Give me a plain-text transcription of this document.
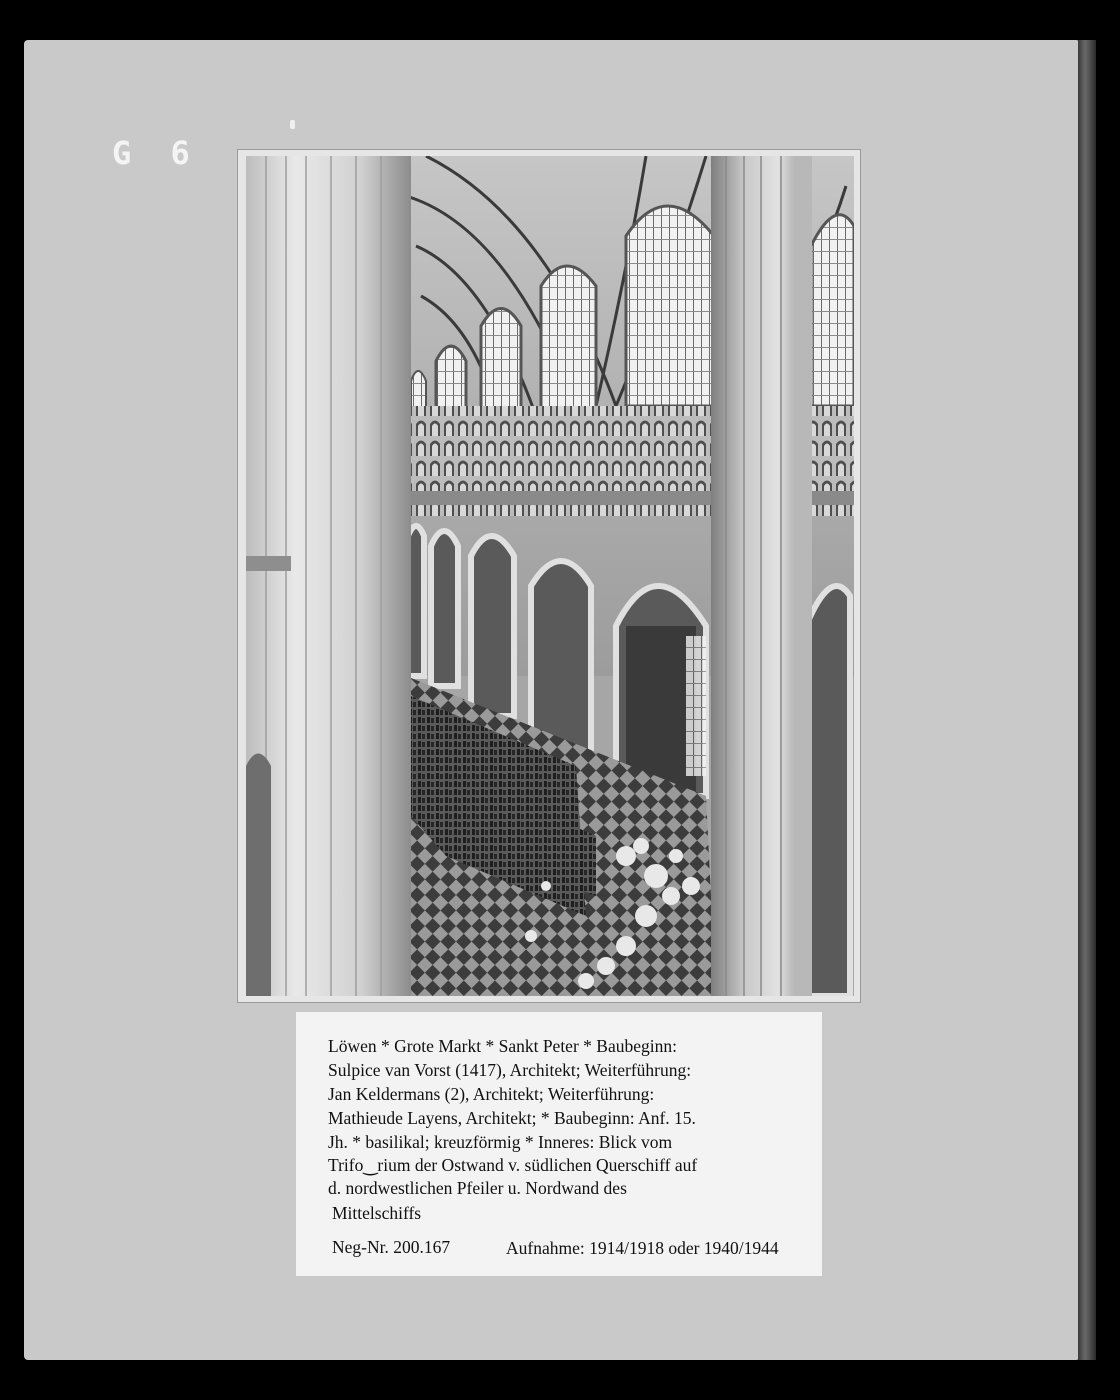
G 6
Löwen * Grote Markt * Sankt Peter * Baubeginn:
Sulpice van Vorst (1417), Architekt; Weiterführung:
Jan Keldermans (2), Architekt; Weiterführung:
Mathieude Layens, Architekt; * Baubeginn: Anf. 15.
Jh. * basilikal; kreuzförmig * Inneres: Blick vom
Trifo‿rium der Ostwand v. südlichen Querschiff auf
d. nordwestlichen Pfeiler u. Nordwand des
Mittelschiffs
Neg-Nr. 200.167	Aufnahme: 1914/1918 oder 1940/1944
